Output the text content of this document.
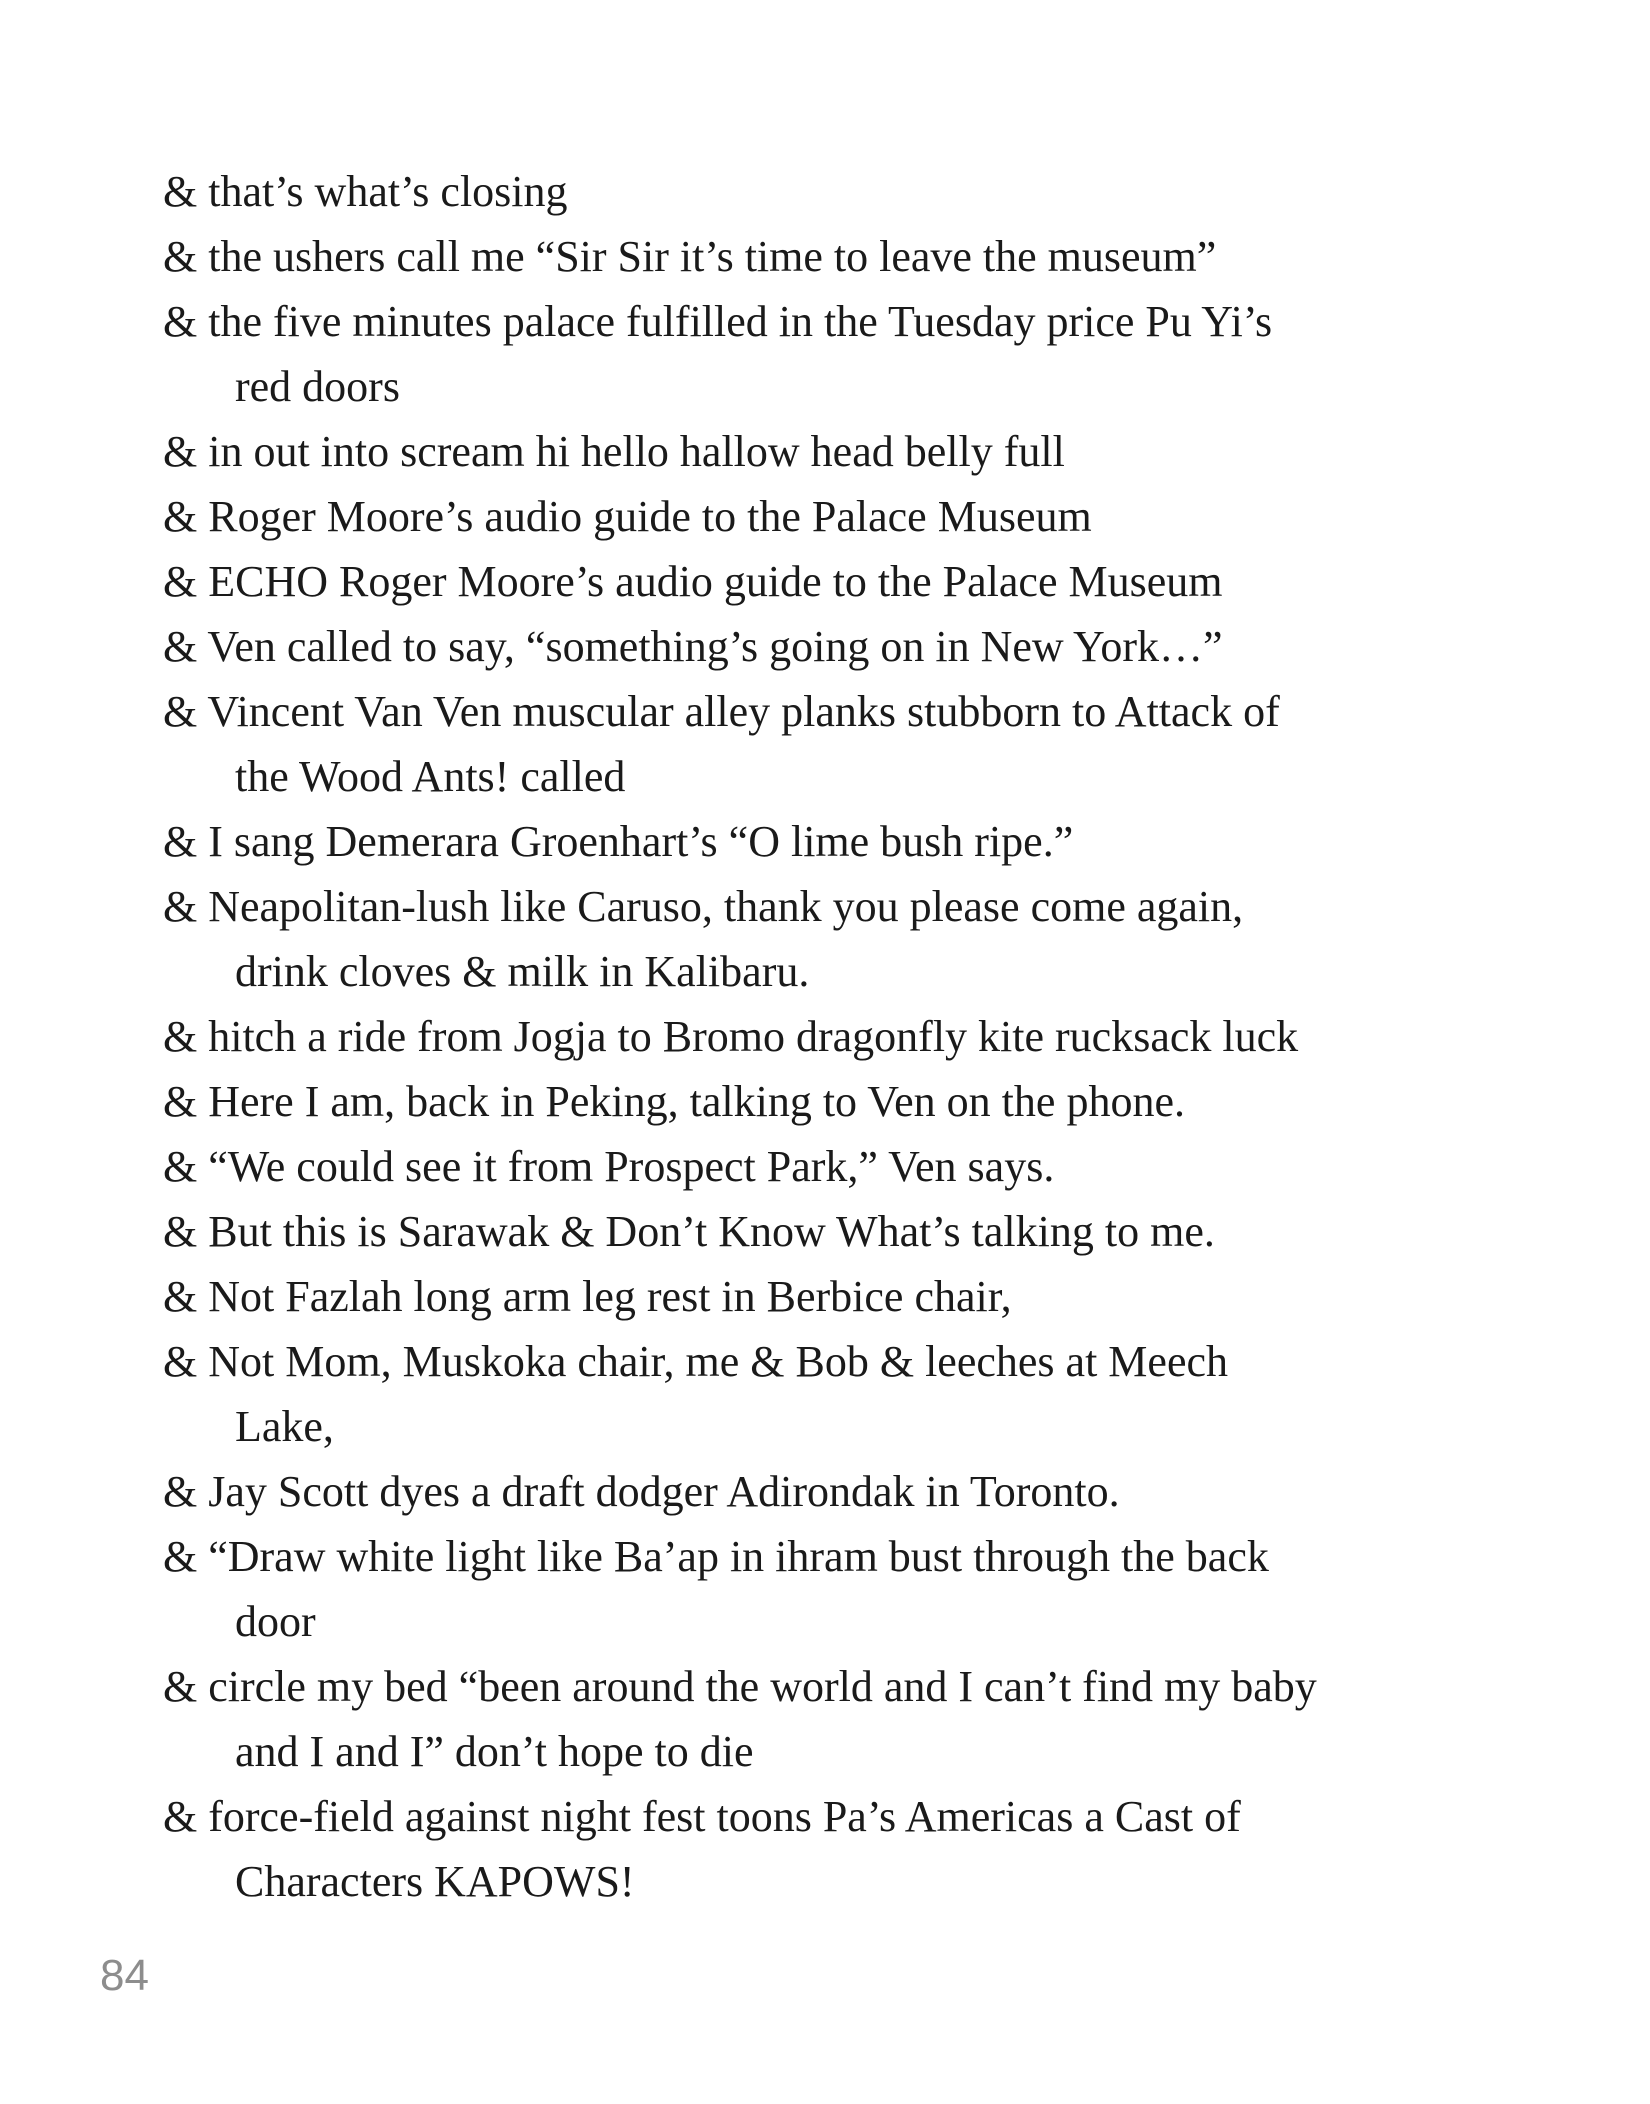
& that’s what’s closing
& the ushers call me “Sir Sir it’s time to leave the museum”
& the five minutes palace fulfilled in the Tuesday price Pu Yi’s
red doors
& in out into scream hi hello hallow head belly full
& Roger Moore’s audio guide to the Palace Museum
& ECHO Roger Moore’s audio guide to the Palace Museum
& Ven called to say, “something’s going on in New York…”
& Vincent Van Ven muscular alley planks stubborn to Attack of
the Wood Ants! called
& I sang Demerara Groenhart’s “O lime bush ripe.”
& Neapolitan-lush like Caruso, thank you please come again,
drink cloves & milk in Kalibaru.
& hitch a ride from Jogja to Bromo dragonfly kite rucksack luck
& Here I am, back in Peking, talking to Ven on the phone.
& “We could see it from Prospect Park,” Ven says.
& But this is Sarawak & Don’t Know What’s talking to me.
& Not Fazlah long arm leg rest in Berbice chair,
& Not Mom, Muskoka chair, me & Bob & leeches at Meech
Lake,
& Jay Scott dyes a draft dodger Adirondak in Toronto.
& “Draw white light like Ba’ap in ihram bust through the back
door
& circle my bed “been around the world and I can’t find my baby
and I and I” don’t hope to die
& force-field against night fest toons Pa’s Americas a Cast of
Characters KAPOWS!
84
